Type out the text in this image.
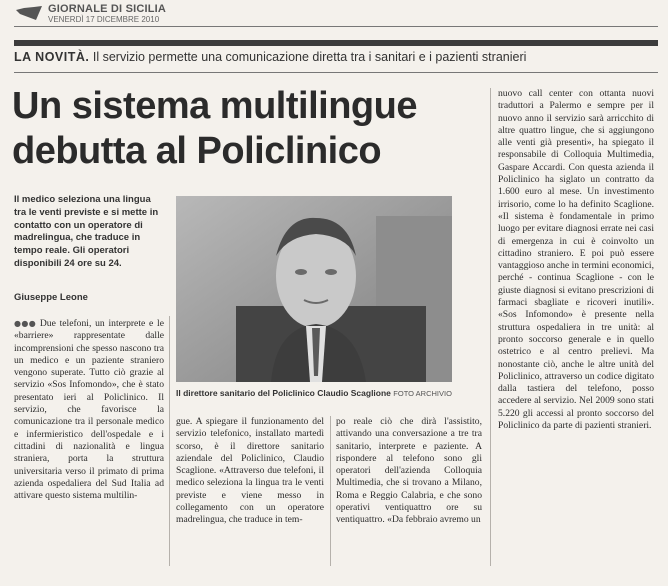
GIORNALE DI SICILIA
VENERDÌ 17 DICEMBRE 2010
LA NOVITÀ. Il servizio permette una comunicazione diretta tra i sanitari e i pazienti stranieri
Un sistema multilingue
debutta al Policlinico
Il medico seleziona una lingua tra le venti previste e si mette in contatto con un operatore di madrelingua, che traduce in tempo reale. Gli operatori disponibili 24 ore su 24.
Giuseppe Leone
Il direttore sanitario del Policlinico Claudio Scaglione FOTO ARCHIVIO
●●● Due telefoni, un interprete e le «barriere» rappresentate dalle incomprensioni che spesso nascono tra un medico e un paziente straniero vengono superate. Tutto ciò grazie al servizio «Sos Infomondo», che è stato presentato ieri al Policlinico. Il servizio, che favorisce la comunicazione tra il personale medico e infermieristico dell'ospedale e i cittadini di nazionalità e lingua straniera, porta la struttura universitaria verso il primato di prima azienda ospedaliera del Sud Italia ad attivare questo sistema multilin-
gue. A spiegare il funzionamento del servizio telefonico, installato martedì scorso, è il direttore sanitario aziendale del Policlinico, Claudio Scaglione. «Attraverso due telefoni, il medico seleziona la lingua tra le venti previste e viene messo in collegamento con un operatore madrelingua, che traduce in tem-
po reale ciò che dirà l'assistito, attivando una conversazione a tre tra sanitario, interprete e paziente. A rispondere al telefono sono gli operatori dell'azienda Colloquia Multimedia, che si trovano a Milano, Roma e Reggio Calabria, e che sono operativi ventiquattro ore su ventiquattro. «Da febbraio avremo un
nuovo call center con ottanta nuovi traduttori a Palermo e sempre per il nuovo anno il servizio sarà arricchito di altre quattro lingue, che si aggiungono alle venti già presenti», ha spiegato il responsabile di Colloquia Multimedia, Gaspare Accardi. Con questa azienda il Policlinico ha siglato un contratto da 1.600 euro al mese. Un investimento irrisorio, come lo ha definito Scaglione. «Il sistema è fondamentale in primo luogo per evitare diagnosi errate nei casi di emergenza in cui è coinvolto un cittadino straniero. E poi può essere vantaggioso anche in termini economici, perché - continua Scaglione - con le giuste diagnosi si evitano prescrizioni di farmaci sbagliate e ricoveri inutili». «Sos Infomondo» è presente nella struttura ospedaliera in tre unità: al pronto soccorso generale e in quello ostetrico e al centro prelievi. Ma nonostante ciò, anche le altre unità del Policlinico, attraverso un codice digitato dalla tastiera del telefono, posso accedere al servizio. Nel 2009 sono stati 5.220 gli accessi al pronto soccorso del Policlinico da parte di pazienti stranieri.
